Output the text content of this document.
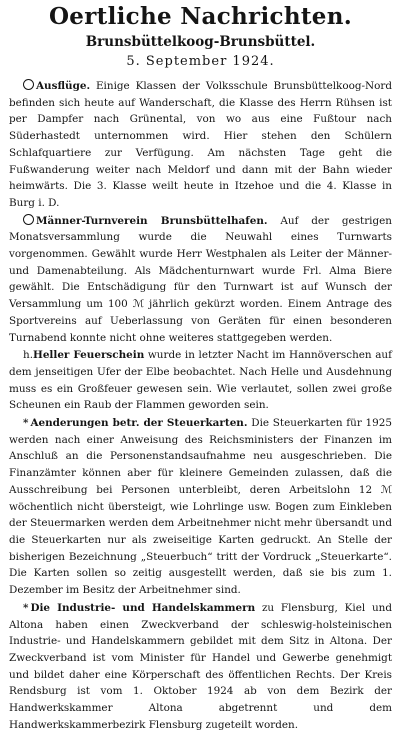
Oertliche Nachrichten.
Brunsbüttelkoog-Brunsbüttel.
5. September 1924.

Ausflüge. Einige Klassen der Volksschule Brunsbüttelkoog-Nord befinden sich heute auf Wanderschaft, die Klasse des Herrn Rühsen ist per Dampfer nach Grünental, von wo aus eine Fußtour nach Süderhastedt unternommen wird. Hier stehen den Schülern Schlafquartiere zur Verfügung. Am nächsten Tage geht die Fußwanderung weiter nach Meldorf und dann mit der Bahn wieder heimwärts. Die 3. Klasse weilt heute in Itzehoe und die 4. Klasse in Burg i. D.

Männer-Turnverein Brunsbüttelhafen. Auf der gestrigen Monatsversammlung wurde die Neuwahl eines Turnwarts vorgenommen. Gewählt wurde Herr Westphalen als Leiter der Männer- und Damenabteilung. Als Mädchenturnwart wurde Frl. Alma Biere gewählt. Die Entschädigung für den Turnwart ist auf Wunsch der Versammlung um 100 ℳ jährlich gekürzt worden. Einem Antrage des Sportvereins auf Ueberlassung von Geräten für einen besonderen Turnabend konnte nicht ohne weiteres stattgegeben werden.

h.Heller Feuerschein wurde in letzter Nacht im Hannöverschen auf dem jenseitigen Ufer der Elbe beobachtet. Nach Helle und Ausdehnung muss es ein Großfeuer gewesen sein. Wie verlautet, sollen zwei große Scheunen ein Raub der Flammen geworden sein.

* Aenderungen betr. der Steuerkarten. Die Steuerkarten für 1925 werden nach einer Anweisung des Reichsministers der Finanzen im Anschluß an die Personenstandsaufnahme neu ausgeschrieben. Die Finanzämter können aber für kleinere Gemeinden zulassen, daß die Ausschreibung bei Personen unterbleibt, deren Arbeitslohn 12 ℳ wöchentlich nicht übersteigt, wie Lohrlinge usw. Bogen zum Einkleben der Steuermarken werden dem Arbeitnehmer nicht mehr übersandt und die Steuerkarten nur als zweiseitige Karten gedruckt. An Stelle der bisherigen Bezeichnung „Steuerbuch“ tritt der Vordruck „Steuerkarte“. Die Karten sollen so zeitig ausgestellt werden, daß sie bis zum 1. Dezember im Besitz der Arbeitnehmer sind.

* Die Industrie- und Handelskammern zu Flensburg, Kiel und Altona haben einen Zweckverband der schleswig-holsteinischen Industrie- und Handelskammern gebildet mit dem Sitz in Altona. Der Zweckverband ist vom Minister für Handel und Gewerbe genehmigt und bildet daher eine Körperschaft des öffentlichen Rechts. Der Kreis Rendsburg ist vom 1. Oktober 1924 ab von dem Bezirk der Handwerkskammer Altona abgetrennt und dem Handwerkskammerbezirk Flensburg zugeteilt worden.
